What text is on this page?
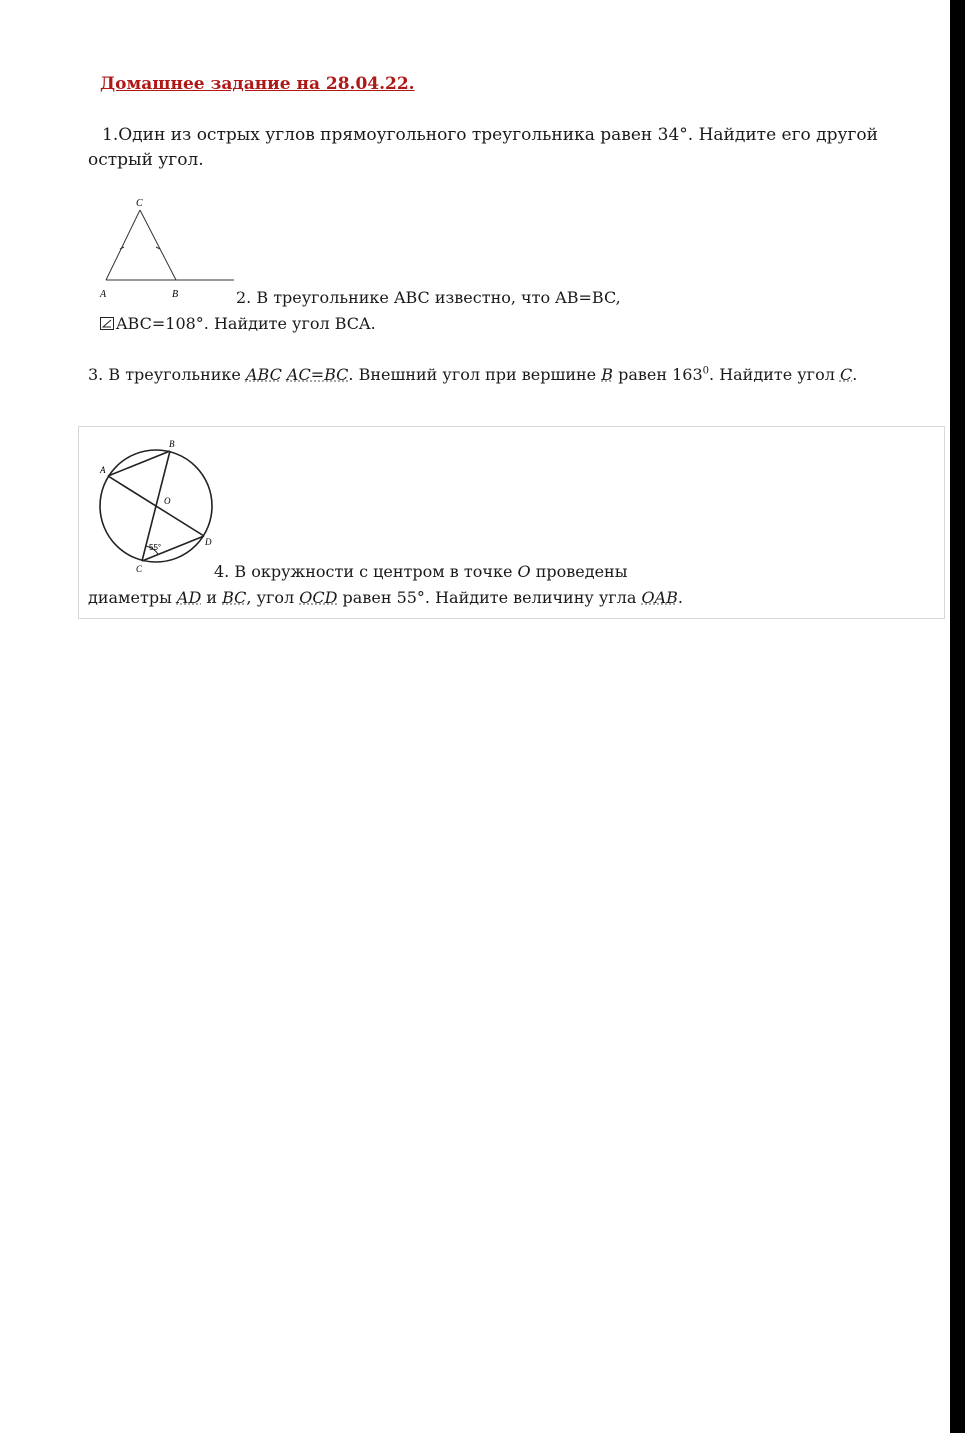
Домашнее задание на 28.04.22.
1.Один из острых углов прямоугольного треугольника равен 34°. Найдите его другой острый угол.
C
A	B	2. В треугольнике ABC известно, что AB=BC,
ABC=108°. Найдите угол BCA.
3. В треугольнике ABC AC=BC. Внешний угол при вершине B равен $163^0$. Найдите угол C.
B
A
O
D
C
55°
4. В окружности с центром в точке O проведены
диаметры AD и BC, угол OCD равен 55°. Найдите величину угла OAB.
